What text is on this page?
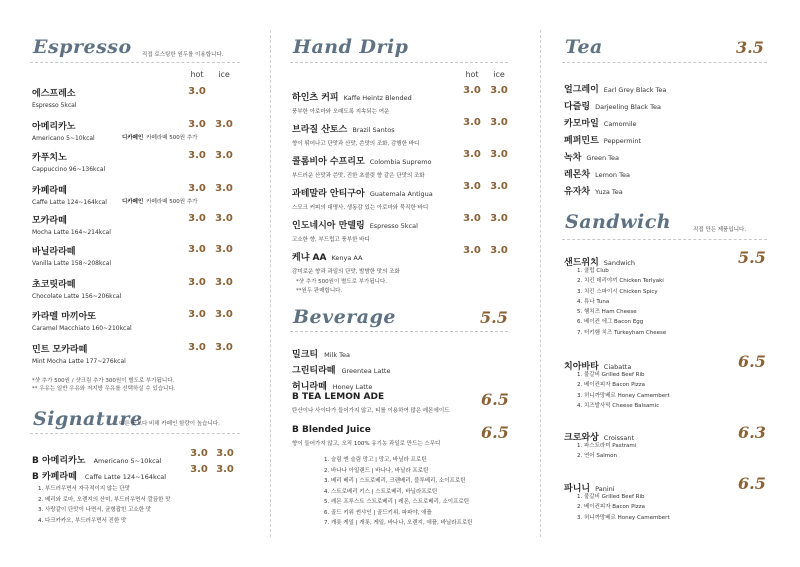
Espresso 직접 로스팅한 원두를 이용합니다.
hot	ice
에스프레소
Espresso 5kcal
3.0
아메리카노
Americano 5~10kcal
3.0 3.0
디카페인 카페라떼 500원 추가
카푸치노
Cappuccino 96~136kcal
3.0 3.0
카페라떼
Caffe Latte 124~164kcal
3.0 3.0
디카페인 카페라떼 500원 추가
모카라떼
Mocha Latte 164~214kcal
3.0 3.0
바닐라라떼
Vanilla Latte 158~208kcal
3.0 3.0
초코릿라떼
Chocolate Latte 156~206kcal
3.0 3.0
카라멜 마끼아또
Caramel Macchiato 160~210kcal
3.0 3.0
민트 모카라떼
Mint Mocha Latte 177~276kcal
3.0 3.0
*샷 추가 500원 / 샷크림 추가 300원이 별도로 부가됩니다.
** 우유는 일반 우유와 저지방 우유를 선택하실 수 있습니다.
Signature
다른 곳보다 비해 카페인 함량이 높습니다.
B 아메리카노 Americano 5~10kcal
3.0 3.0
B 카페라떼 Caffe Latte 124~164kcal
3.0 3.0
1. 부드러우면서 자극적이지 않는 단맛
2. 베리와 로마, 오렌지의 산미, 부드러우면서 깔끔한 맛
3. 사랑같이 단맛이 나면서, 균형잡힌 고소한 맛
4. 다크카카오, 부드러우면서 진한 맛
Hand Drip
hot	ice
하인츠 커피 Kaffe Heintz Blended
풍부한 아로마와 오래도록 지속되는 여운
3.0 3.0
브라질 산토스 Brazil Santos
향이 뛰어나고 단맛과 산맛, 쓴맛의 조화, 감행한 바디
3.0 3.0
콜롬비아 수프리모 Colombia Supremo
부드러운 산맛과 쓴맛, 진한 초콜릿 향 같은 단맛의 조화
3.0 3.0
과테말라 안티구아 Guatemala Antigua
스모크 커피의 대명사, 생동감 있는 아로마와 묵직한 바디
3.0 3.0
인도네시아 만델링 Espresso 5kcal
고소한 향, 부드럽고 풍부한 바디
3.0 3.0
케냐 AA Kenya AA
감미로운 향과 과일의 단맛, 밤밤한 맛의 조화
3.0 3.0
*샷 추가 500원이 별도로 부가됩니다.
**원두 판매합니다.
Beverage	5.5
밀크티 Milk Tea
그린티라떼 Greentea Latte
허니라떼 Honey Latte
B TEA LEMON ADE
탄산이나 사이다가 들어가지 않고, 티를 이용하여 많은 레몬에이드
6.5
B Blended Juice
향이 들어가지 않고, 오직 100% 유기농 과일로 만드는 스무디
6.5
1. 슬림 엔 슬림 망고 | 망고, 바닐라 프로틴
2. 바나나 아일랜드 | 바나나, 바닐라 프로틴
3. 베리 베리 | 스트로베리, 크랜베리, 블루베리, 소이프로틴
4. 스트로베리 키스 | 스트로베리, 바닐라프로틴
5. 레몬 프루스트 스트로베리 | 레몬, 스트로베리, 소이프로틴
6. 골드 키위 썬샤인 | 골드키위, 파파야, 애플
7. 캐롯 케일 | 캐롯, 케일, 바나나, 오렌지, 애플, 바닐라프로틴
Tea	3.5
얼그레이 Earl Grey Black Tea
다즐링 Darjeeling Black Tea
카모마일 Camomile
페퍼민트 Peppermint
녹차 Green Tea
레몬차 Lemon Tea
유자차 Yuza Tea
Sandwich	직접 만든 제품입니다.
샌드위치 Sandwich	5.5
1. 클럽 Club
2. 치킨 데리야끼 Chicken Terlyaki
3. 치킨 스파이시 Chicken Spicy
4. 튜나 Tuna
5. 햄치즈 Ham Cheese
6. 베이컨 에그 Bacon Egg
7. 터키햄 치즈 Turkeyham Cheese
치아바타 Ciabatta	6.5
1. 불갈비 Grilled Beef Rib
2. 베이컨피자 Bacon Pizza
3. 허니까망베르 Honey Camembert
4. 치즈발사믹 Cheese Balsamic
크로와상 Croissant	6.3
1. 파스트라미 Pastrami
2. 연어 Salmon
파니니 Panini	6.5
1. 불갈비 Grilled Beef Rib
2. 베이컨피자 Bacon Pizza
3. 허니까망베르 Honey Camembert
